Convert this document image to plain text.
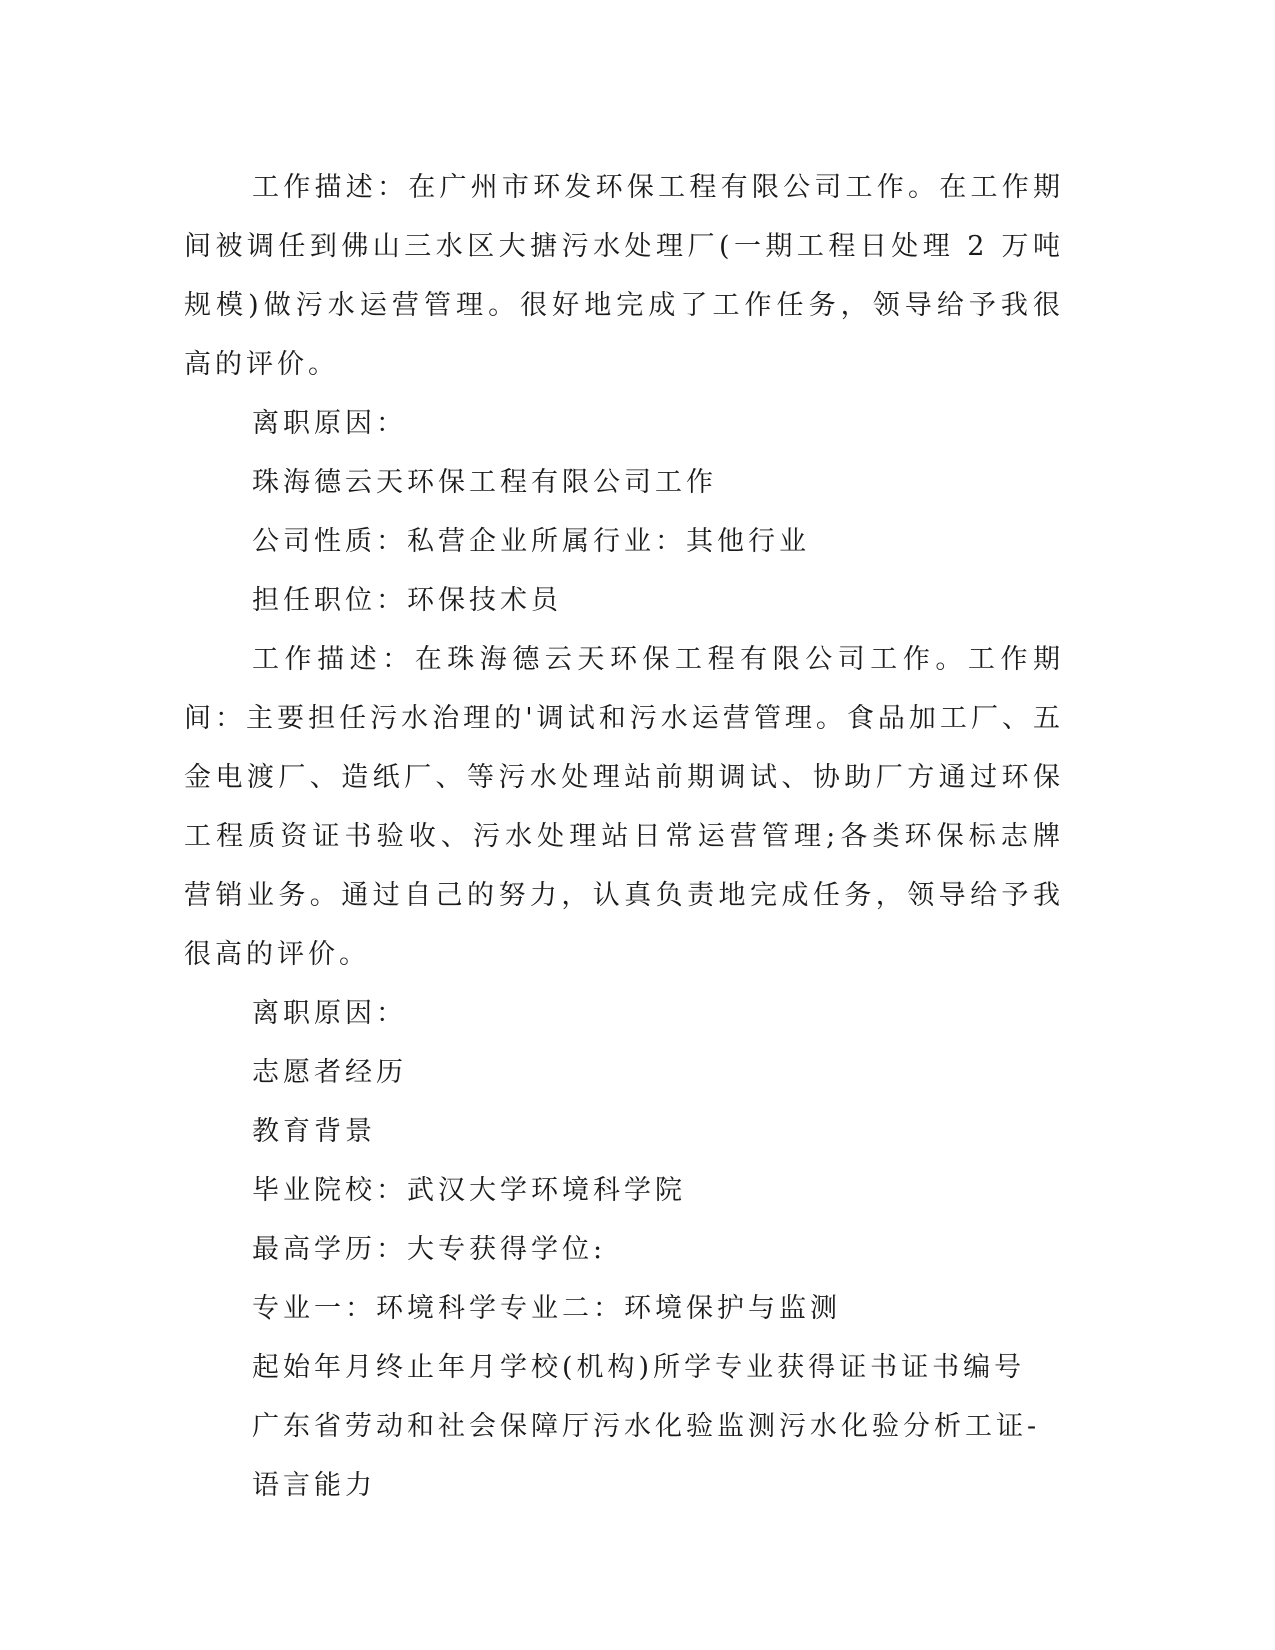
工作描述：在广州市环发环保工程有限公司工作。在工作期间被调任到佛山三水区大搪污水处理厂(一期工程日处理 2 万吨规模)做污水运营管理。很好地完成了工作任务，领导给予我很高的评价。

离职原因：

珠海德云天环保工程有限公司工作

公司性质：私营企业所属行业：其他行业

担任职位：环保技术员

工作描述：在珠海德云天环保工程有限公司工作。工作期间：主要担任污水治理的'调试和污水运营管理。食品加工厂、五金电渡厂、造纸厂、等污水处理站前期调试、协助厂方通过环保工程质资证书验收、污水处理站日常运营管理;各类环保标志牌营销业务。通过自己的努力，认真负责地完成任务，领导给予我很高的评价。

离职原因：

志愿者经历

教育背景

毕业院校：武汉大学环境科学院

最高学历：大专获得学位:

专业一：环境科学专业二：环境保护与监测

起始年月终止年月学校(机构)所学专业获得证书证书编号

广东省劳动和社会保障厅污水化验监测污水化验分析工证-

语言能力
